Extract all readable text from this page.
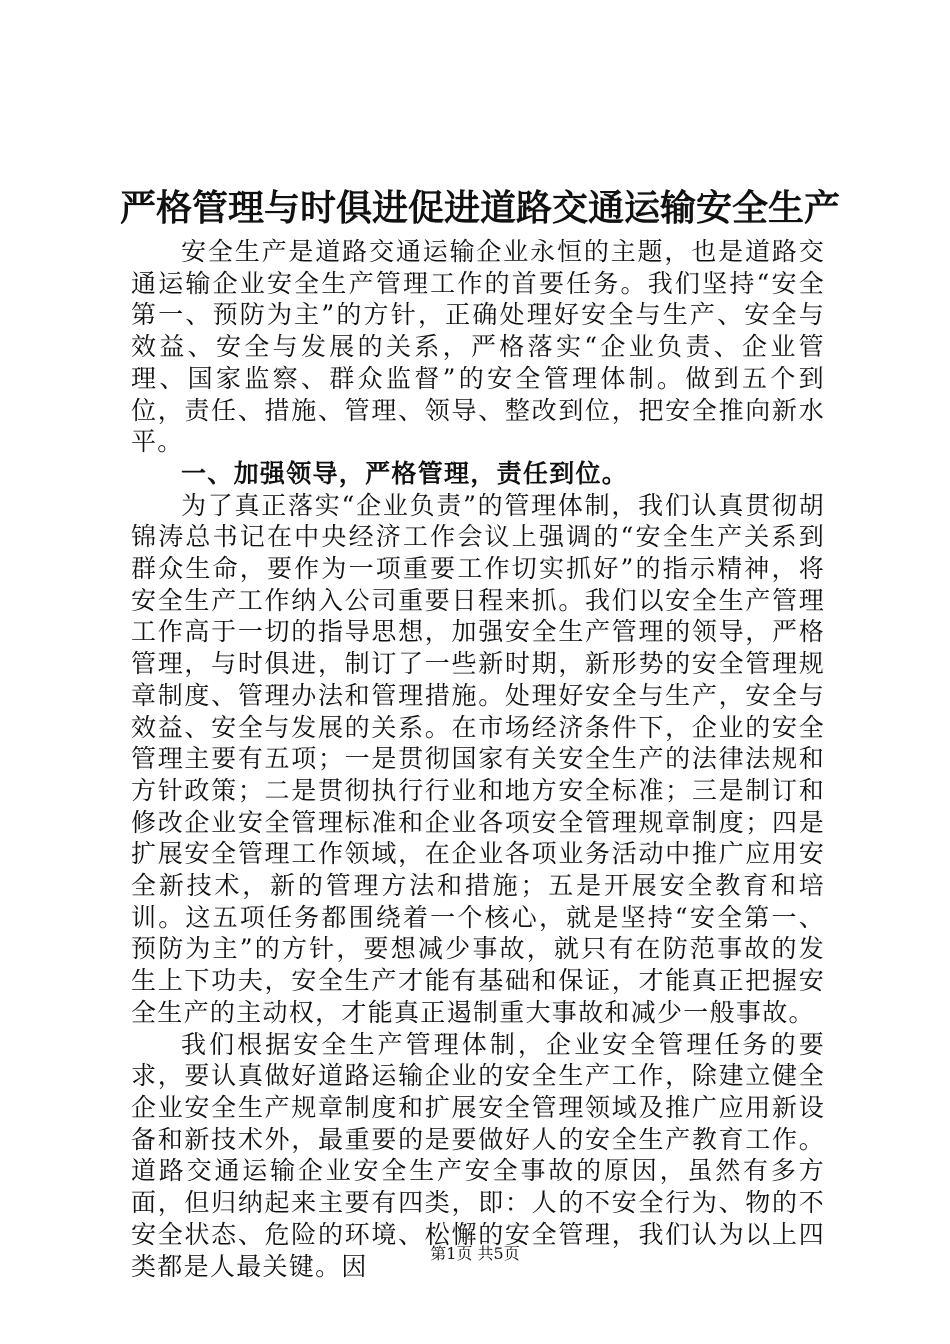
严格管理与时俱进促进道路交通运输安全生产

安全生产是道路交通运输企业永恒的主题，也是道路交通运输企业安全生产管理工作的首要任务。我们坚持“安全第一、预防为主”的方针，正确处理好安全与生产、安全与效益、安全与发展的关系，严格落实“企业负责、企业管理、国家监察、群众监督”的安全管理体制。做到五个到位，责任、措施、管理、领导、整改到位，把安全推向新水平。

一、加强领导，严格管理，责任到位。

为了真正落实“企业负责”的管理体制，我们认真贯彻胡锦涛总书记在中央经济工作会议上强调的“安全生产关系到群众生命，要作为一项重要工作切实抓好”的指示精神，将安全生产工作纳入公司重要日程来抓。我们以安全生产管理工作高于一切的指导思想，加强安全生产管理的领导，严格管理，与时俱进，制订了一些新时期，新形势的安全管理规章制度、管理办法和管理措施。处理好安全与生产，安全与效益、安全与发展的关系。在市场经济条件下，企业的安全管理主要有五项；一是贯彻国家有关安全生产的法律法规和方针政策；二是贯彻执行行业和地方安全标准；三是制订和修改企业安全管理标准和企业各项安全管理规章制度；四是扩展安全管理工作领域，在企业各项业务活动中推广应用安全新技术，新的管理方法和措施；五是开展安全教育和培训。这五项任务都围绕着一个核心，就是坚持“安全第一、预防为主”的方针，要想减少事故，就只有在防范事故的发生上下功夫，安全生产才能有基础和保证，才能真正把握安全生产的主动权，才能真正遏制重大事故和减少一般事故。

我们根据安全生产管理体制，企业安全管理任务的要求，要认真做好道路运输企业的安全生产工作，除建立健全企业安全生产规章制度和扩展安全管理领域及推广应用新设备和新技术外，最重要的是要做好人的安全生产教育工作。道路交通运输企业安全生产安全事故的原因，虽然有多方面，但归纳起来主要有四类，即：人的不安全行为、物的不安全状态、危险的环境、松懈的安全管理，我们认为以上四类都是人最关键。因	第1页 共5页
